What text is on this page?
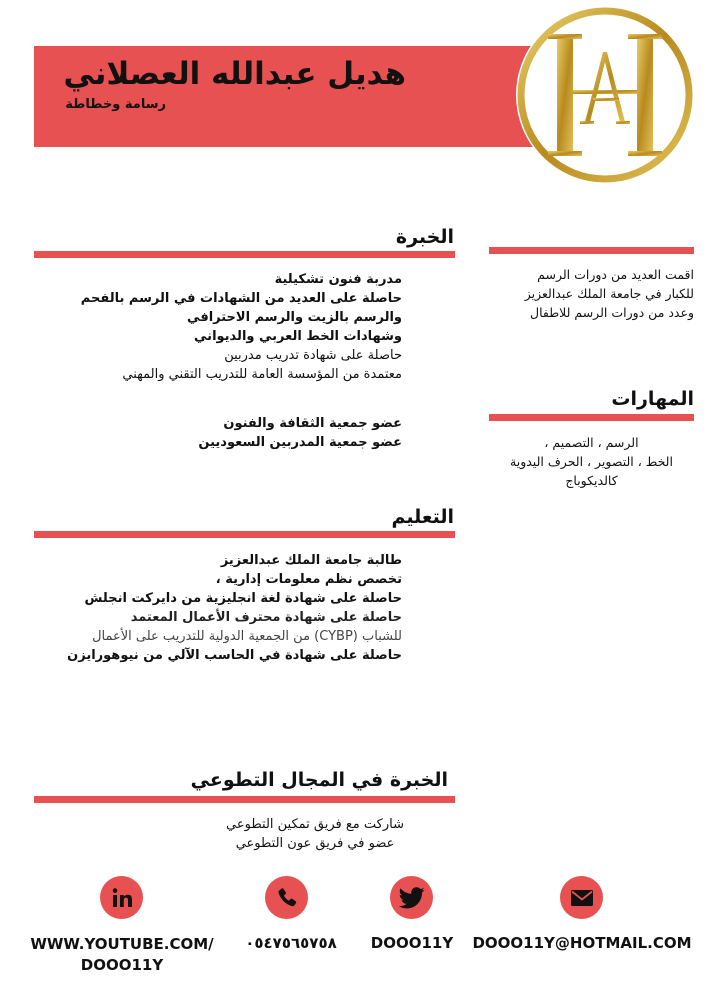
هديل عبدالله العصلاني
رسامة وخطاطة
الخبرة
مدربة فنون تشكيلية
حاصلة على العديد من الشهادات في الرسم بالفحم
والرسم بالزيت والرسم الاحترافي
وشهادات الخط العربي والديواني
حاصلة على شهادة تدريب مدربين
معتمدة من المؤسسة العامة للتدريب التقني والمهني
عضو جمعية الثقافة والفنون
عضو جمعية المدربين السعوديين
اقمت العديد من دورات الرسم
للكبار في جامعة الملك عبدالعزيز
وعدد من دورات الرسم للاطفال
المهارات
الرسم ، التصميم ،
الخط ، التصوير ، الحرف اليدوية
كالديكوباج
التعليم
طالبة جامعة الملك عبدالعزيز
تخصص نظم معلومات إدارية ،
حاصلة على شهادة لغة انجليزية من دايركت انجلش
حاصلة على شهادة محترف الأعمال المعتمد
للشباب (CYBP) من الجمعية الدولية للتدريب على الأعمال
حاصلة على شهادة في الحاسب الآلي من نيوهورايزن
الخبرة في المجال التطوعي
شاركت مع فريق تمكين التطوعي
عضو في فريق عون التطوعي
WWW.YOUTUBE.COM/
DOOO11Y
٠٥٤٧٥٦٥٧٥٨	DOOO11Y	DOOO11Y@HOTMAIL.COM
